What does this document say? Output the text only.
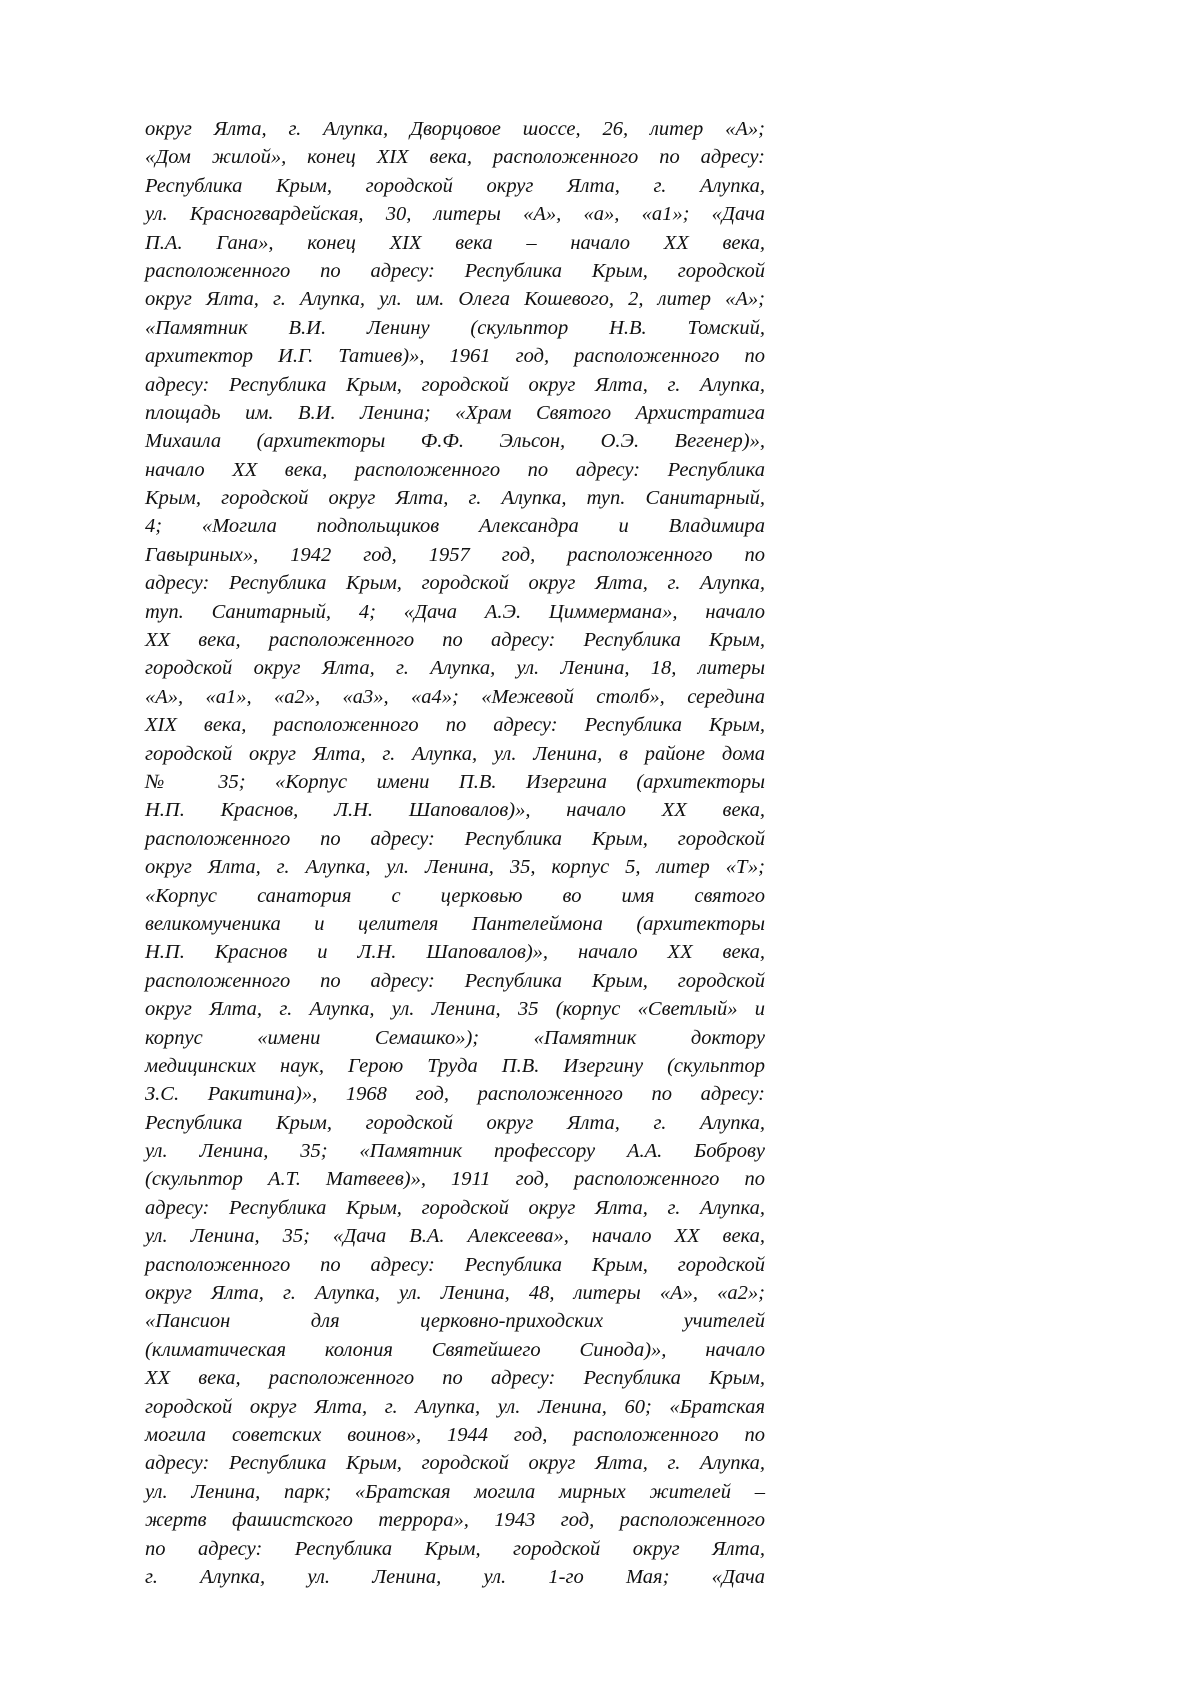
округ Ялта, г. Алупка, Дворцовое шоссе, 26, литер «А»;
«Дом жилой», конец XIX века, расположенного по адресу:
Республика Крым, городской округ Ялта, г. Алупка,
ул. Красногвардейская, 30, литеры «А», «а», «а1»; «Дача
П.А. Гана», конец XIX века – начало XX века,
расположенного по адресу: Республика Крым, городской
округ Ялта, г. Алупка, ул. им. Олега Кошевого, 2, литер «А»;
«Памятник В.И. Ленину (скульптор Н.В. Томский,
архитектор И.Г. Татиев)», 1961 год, расположенного по
адресу: Республика Крым, городской округ Ялта, г. Алупка,
площадь им. В.И. Ленина; «Храм Святого Архистратига
Михаила (архитекторы Ф.Ф. Эльсон, О.Э. Вегенер)»,
начало XX века, расположенного по адресу: Республика
Крым, городской округ Ялта, г. Алупка, туп. Санитарный,
4; «Могила подпольщиков Александра и Владимира
Гавыриных», 1942 год, 1957 год, расположенного по
адресу: Республика Крым, городской округ Ялта, г. Алупка,
туп. Санитарный, 4; «Дача А.Э. Циммермана», начало
XX века, расположенного по адресу: Республика Крым,
городской округ Ялта, г. Алупка, ул. Ленина, 18, литеры
«А», «а1», «а2», «а3», «а4»; «Межевой столб», середина
XIX века, расположенного по адресу: Республика Крым,
городской округ Ялта, г. Алупка, ул. Ленина, в районе дома
№ 35; «Корпус имени П.В. Изергина (архитекторы
Н.П. Краснов, Л.Н. Шаповалов)», начало XX века,
расположенного по адресу: Республика Крым, городской
округ Ялта, г. Алупка, ул. Ленина, 35, корпус 5, литер «Т»;
«Корпус санатория с церковью во имя святого
великомученика и целителя Пантелеймона (архитекторы
Н.П. Краснов и Л.Н. Шаповалов)», начало XX века,
расположенного по адресу: Республика Крым, городской
округ Ялта, г. Алупка, ул. Ленина, 35 (корпус «Светлый» и
корпус «имени Семашко»); «Памятник доктору
медицинских наук, Герою Труда П.В. Изергину (скульптор
З.С. Ракитина)», 1968 год, расположенного по адресу:
Республика Крым, городской округ Ялта, г. Алупка,
ул. Ленина, 35; «Памятник профессору А.А. Боброву
(скульптор А.Т. Матвеев)», 1911 год, расположенного по
адресу: Республика Крым, городской округ Ялта, г. Алупка,
ул. Ленина, 35; «Дача В.А. Алексеева», начало XX века,
расположенного по адресу: Республика Крым, городской
округ Ялта, г. Алупка, ул. Ленина, 48, литеры «А», «а2»;
«Пансион для церковно-приходских учителей
(климатическая колония Святейшего Синода)», начало
XX века, расположенного по адресу: Республика Крым,
городской округ Ялта, г. Алупка, ул. Ленина, 60; «Братская
могила советских воинов», 1944 год, расположенного по
адресу: Республика Крым, городской округ Ялта, г. Алупка,
ул. Ленина, парк; «Братская могила мирных жителей –
жертв фашистского террора», 1943 год, расположенного
по адресу: Республика Крым, городской округ Ялта,
г. Алупка, ул. Ленина, ул. 1-го Мая; «Дача
